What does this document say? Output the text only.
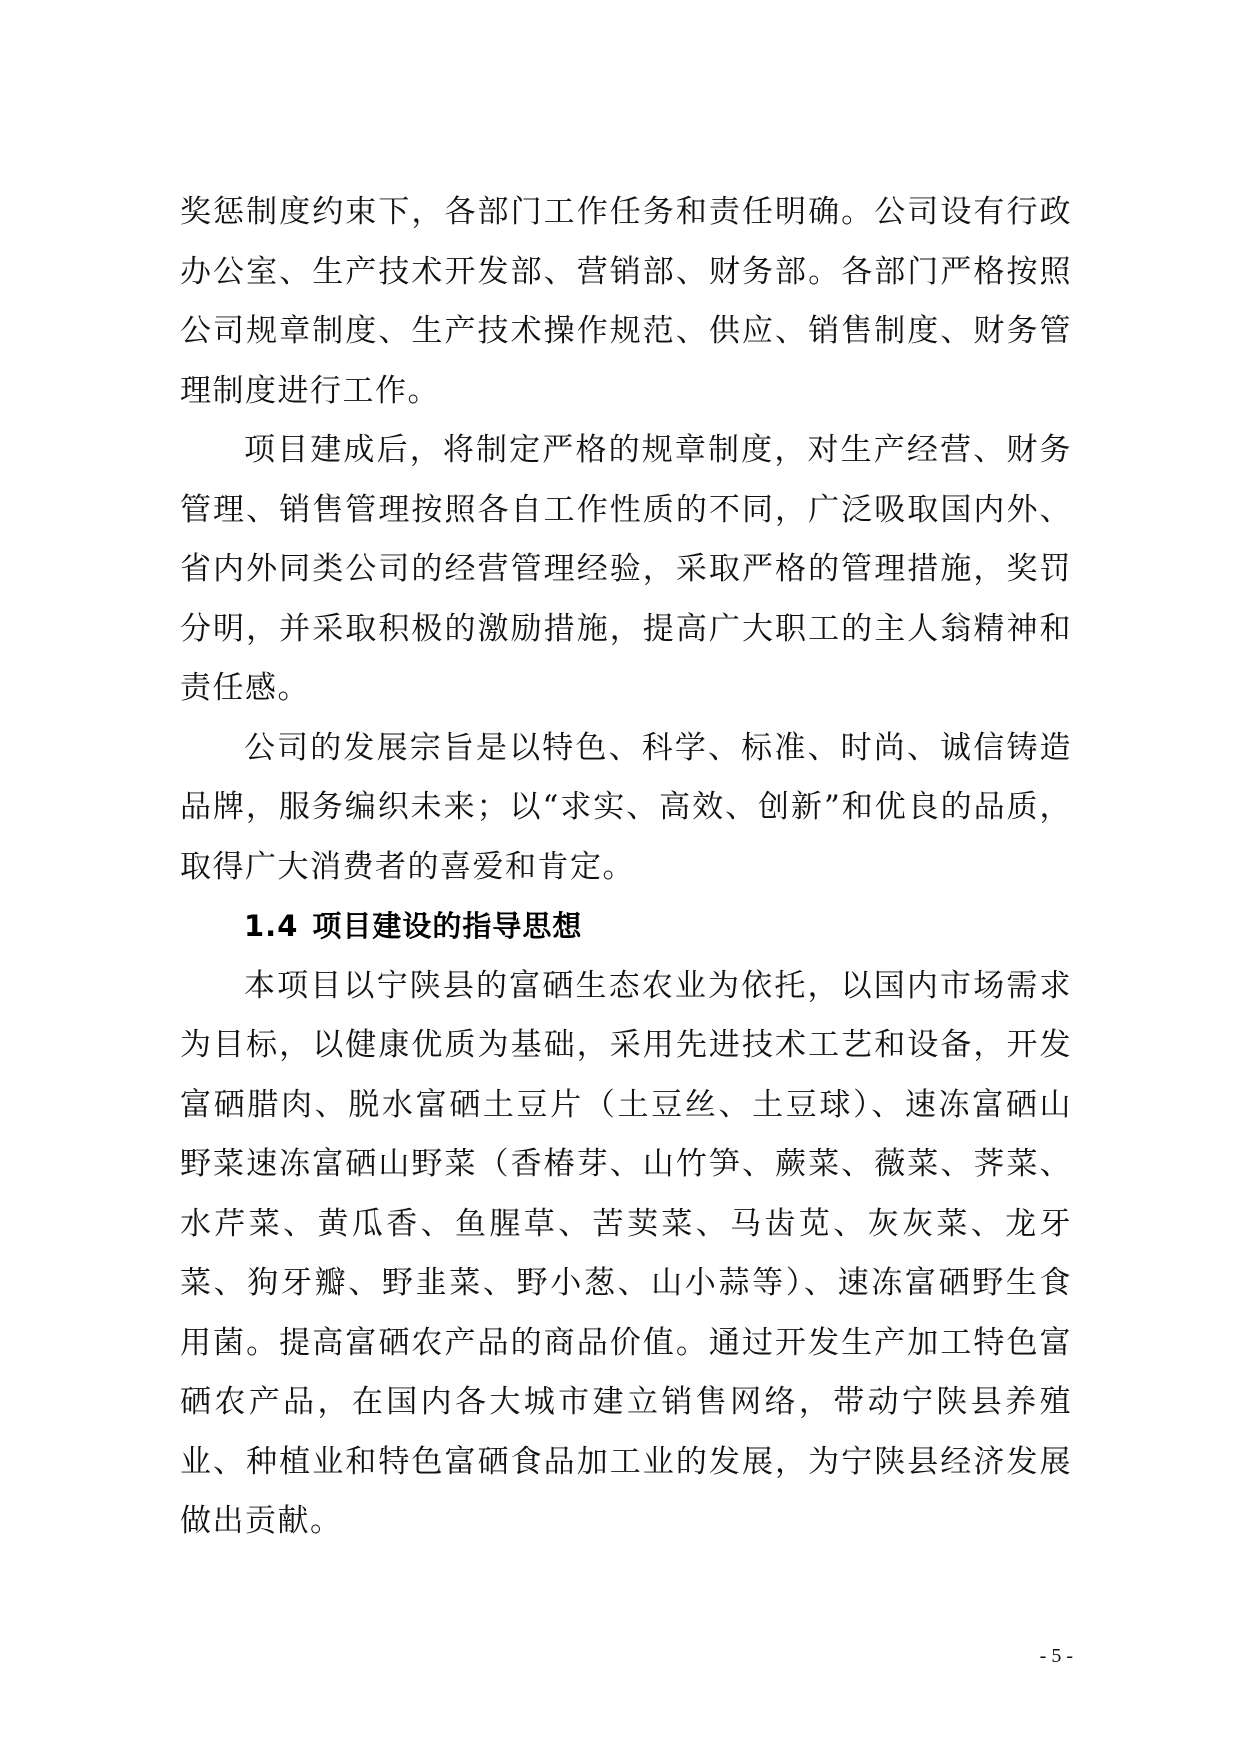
奖惩制度约束下，各部门工作任务和责任明确。公司设有行政办公室、生产技术开发部、营销部、财务部。各部门严格按照公司规章制度、生产技术操作规范、供应、销售制度、财务管理制度进行工作。

项目建成后，将制定严格的规章制度，对生产经营、财务管理、销售管理按照各自工作性质的不同，广泛吸取国内外、省内外同类公司的经营管理经验，采取严格的管理措施，奖罚分明，并采取积极的激励措施，提高广大职工的主人翁精神和责任感。

公司的发展宗旨是以特色、科学、标准、时尚、诚信铸造品牌，服务编织未来；以“求实、高效、创新”和优良的品质，取得广大消费者的喜爱和肯定。

1.4 项目建设的指导思想

本项目以宁陕县的富硒生态农业为依托，以国内市场需求为目标，以健康优质为基础，采用先进技术工艺和设备，开发富硒腊肉、脱水富硒土豆片（土豆丝、土豆球）、速冻富硒山野菜速冻富硒山野菜（香椿芽、山竹笋、蕨菜、薇菜、荠菜、水芹菜、黄瓜香、鱼腥草、苦荬菜、马齿苋、灰灰菜、龙牙菜、狗牙瓣、野韭菜、野小葱、山小蒜等）、速冻富硒野生食用菌。提高富硒农产品的商品价值。通过开发生产加工特色富硒农产品，在国内各大城市建立销售网络，带动宁陕县养殖业、种植业和特色富硒食品加工业的发展，为宁陕县经济发展做出贡献。

- 5 -
